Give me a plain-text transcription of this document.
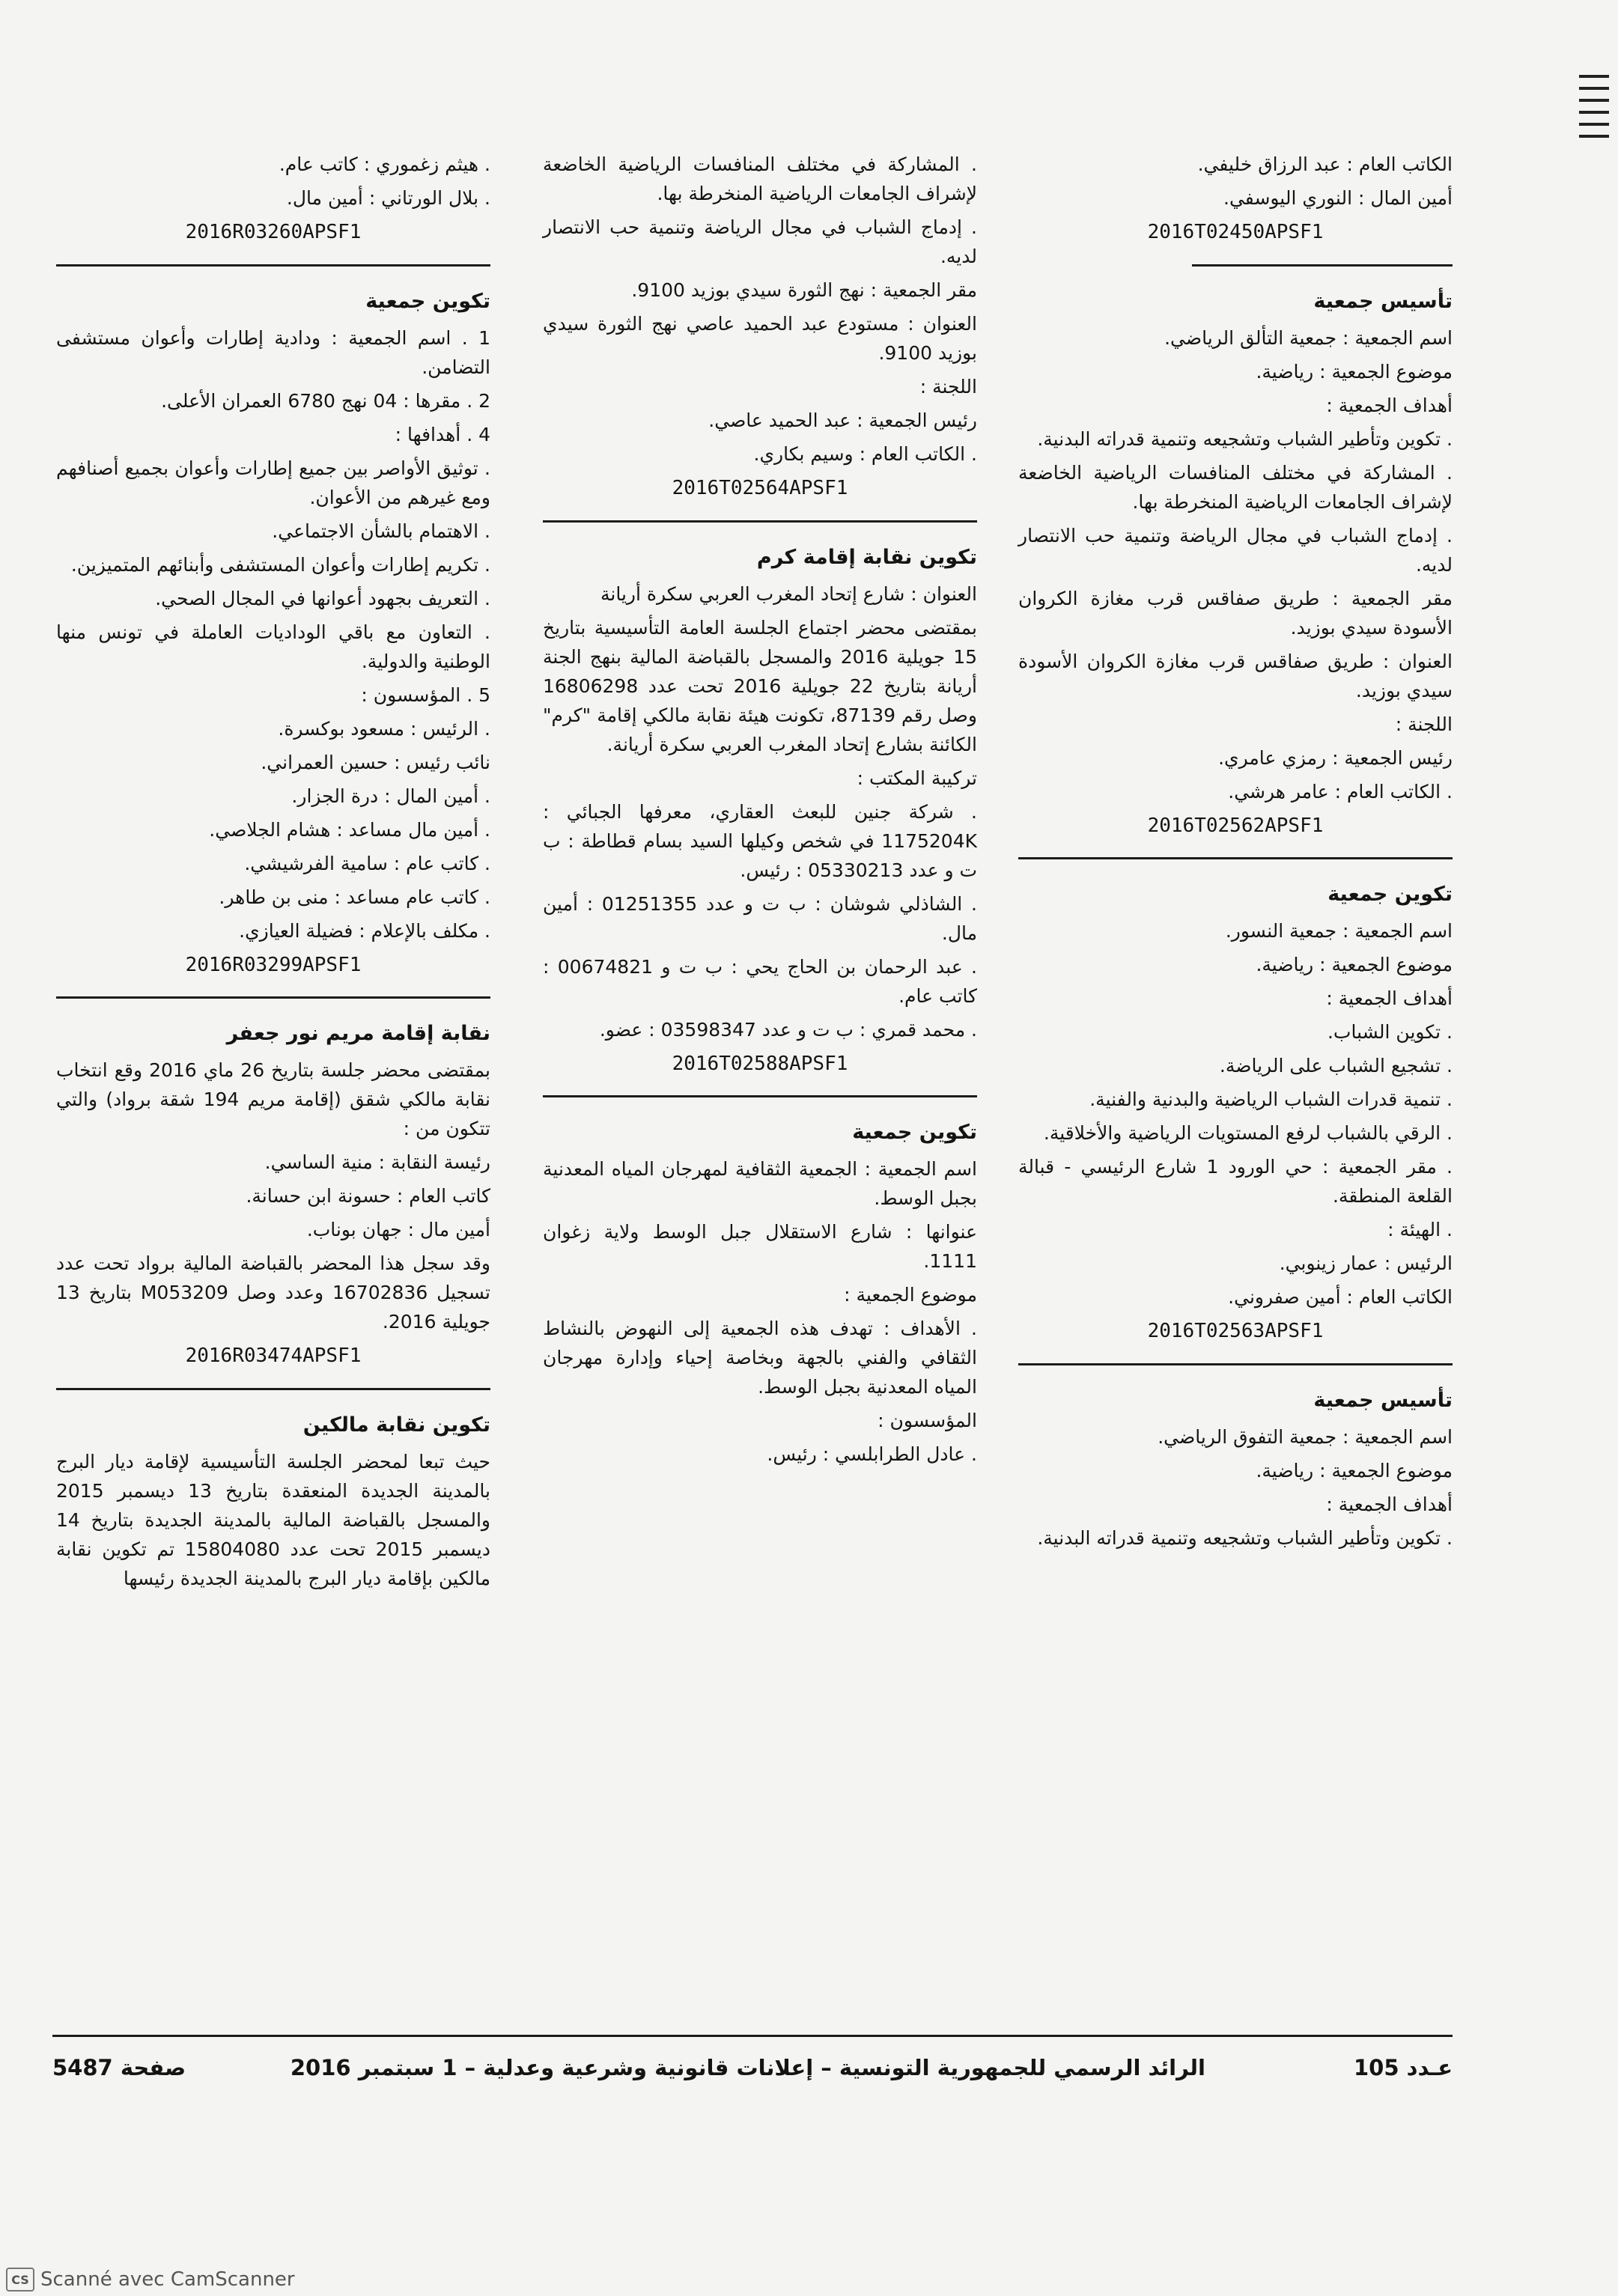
الكاتب العام : عبد الرزاق خليفي.

أمين المال : النوري اليوسفي.

2016T02450APSF1

تأسيس جمعية

اسم الجمعية : جمعية التألق الرياضي.

موضوع الجمعية : رياضية.

أهداف الجمعية :

. تكوين وتأطير الشباب وتشجيعه وتنمية قدراته البدنية.

. المشاركة في مختلف المنافسات الرياضية الخاضعة لإشراف الجامعات الرياضية المنخرطة بها.

. إدماج الشباب في مجال الرياضة وتنمية حب الانتصار لديه.

مقر الجمعية : طريق صفاقس قرب مغازة الكروان الأسودة سيدي بوزيد.

العنوان : طريق صفاقس قرب مغازة الكروان الأسودة سيدي بوزيد.

اللجنة :

رئيس الجمعية : رمزي عامري.

. الكاتب العام : عامر هرشي.

2016T02562APSF1

تكوين جمعية

اسم الجمعية : جمعية النسور.

موضوع الجمعية : رياضية.

أهداف الجمعية :

. تكوين الشباب.

. تشجيع الشباب على الرياضة.

. تنمية قدرات الشباب الرياضية والبدنية والفنية.

. الرقي بالشباب لرفع المستويات الرياضية والأخلاقية.

. مقر الجمعية : حي الورود 1 شارع الرئيسي - قبالة القلعة المنطقة.

. الهيئة :

الرئيس : عمار زينوبي.

الكاتب العام : أمين صفروني.

2016T02563APSF1

تأسيس جمعية

اسم الجمعية : جمعية التفوق الرياضي.

موضوع الجمعية : رياضية.

أهداف الجمعية :

. تكوين وتأطير الشباب وتشجيعه وتنمية قدراته البدنية.

. المشاركة في مختلف المنافسات الرياضية الخاضعة لإشراف الجامعات الرياضية المنخرطة بها.

. إدماج الشباب في مجال الرياضة وتنمية حب الانتصار لديه.

مقر الجمعية : نهج الثورة سيدي بوزيد 9100.

العنوان : مستودع عبد الحميد عاصي نهج الثورة سيدي بوزيد 9100.

اللجنة :

رئيس الجمعية : عبد الحميد عاصي.

. الكاتب العام : وسيم بكاري.

2016T02564APSF1

تكوين نقابة إقامة كرم

العنوان : شارع إتحاد المغرب العربي سكرة أريانة

بمقتضى محضر اجتماع الجلسة العامة التأسيسية بتاريخ 15 جويلية 2016 والمسجل بالقباضة المالية بنهج الجنة أريانة بتاريخ 22 جويلية 2016 تحت عدد 16806298 وصل رقم 87139، تكونت هيئة نقابة مالكي إقامة "كرم" الكائنة بشارع إتحاد المغرب العربي سكرة أريانة.

تركيبة المكتب :

. شركة جنين للبعث العقاري، معرفها الجبائي : 1175204K في شخص وكيلها السيد بسام قطاطة : ب ت و عدد 05330213 : رئيس.

. الشاذلي شوشان : ب ت و عدد 01251355 : أمين مال.

. عبد الرحمان بن الحاج يحي : ب ت و 00674821 : كاتب عام.

. محمد قمري : ب ت و عدد 03598347 : عضو.

2016T02588APSF1

تكوين جمعية

اسم الجمعية : الجمعية الثقافية لمهرجان المياه المعدنية بجبل الوسط.

عنوانها : شارع الاستقلال جبل الوسط ولاية زغوان 1111.

موضوع الجمعية :

. الأهداف : تهدف هذه الجمعية إلى النهوض بالنشاط الثقافي والفني بالجهة وبخاصة إحياء وإدارة مهرجان المياه المعدنية بجبل الوسط.

المؤسسون :

. عادل الطرابلسي : رئيس.

. هيثم زغموري : كاتب عام.

. بلال الورتاني : أمين مال.

2016R03260APSF1

تكوين جمعية

1 . اسم الجمعية : ودادية إطارات وأعوان مستشفى التضامن.

2 . مقرها : 04 نهج 6780 العمران الأعلى.

4 . أهدافها :

. توثيق الأواصر بين جميع إطارات وأعوان بجميع أصنافهم ومع غيرهم من الأعوان.

. الاهتمام بالشأن الاجتماعي.

. تكريم إطارات وأعوان المستشفى وأبنائهم المتميزين.

. التعريف بجهود أعوانها في المجال الصحي.

. التعاون مع باقي الوداديات العاملة في تونس منها الوطنية والدولية.

5 . المؤسسون :

. الرئيس : مسعود بوكسرة.

نائب رئيس : حسين العمراني.

. أمين المال : درة الجزار.

. أمين مال مساعد : هشام الجلاصي.

. كاتب عام : سامية الفرشيشي.

. كاتب عام مساعد : منى بن طاهر.

. مكلف بالإعلام : فضيلة العيازي.

2016R03299APSF1

نقابة إقامة مريم نور جعفر

بمقتضى محضر جلسة بتاريخ 26 ماي 2016 وقع انتخاب نقابة مالكي شقق (إقامة مريم 194 شقة برواد) والتي تتكون من :

رئيسة النقابة : منية الساسي.

كاتب العام : حسونة ابن حسانة.

أمين مال : جهان بوناب.

وقد سجل هذا المحضر بالقباضة المالية برواد تحت عدد تسجيل 16702836 وعدد وصل M053209 بتاريخ 13 جويلية 2016.

2016R03474APSF1

تكوين نقابة مالكين

حيث تبعا لمحضر الجلسة التأسيسية لإقامة ديار البرج بالمدينة الجديدة المنعقدة بتاريخ 13 ديسمبر 2015 والمسجل بالقباضة المالية بالمدينة الجديدة بتاريخ 14 ديسمبر 2015 تحت عدد 15804080 تم تكوين نقابة مالكين بإقامة ديار البرج بالمدينة الجديدة رئيسها

عـدد 105
الرائد الرسمي للجمهورية التونسية – إعلانات قانونية وشرعية وعدلية – 1 سبتمبر 2016
صفحة 5487
CS Scanné avec CamScanner
